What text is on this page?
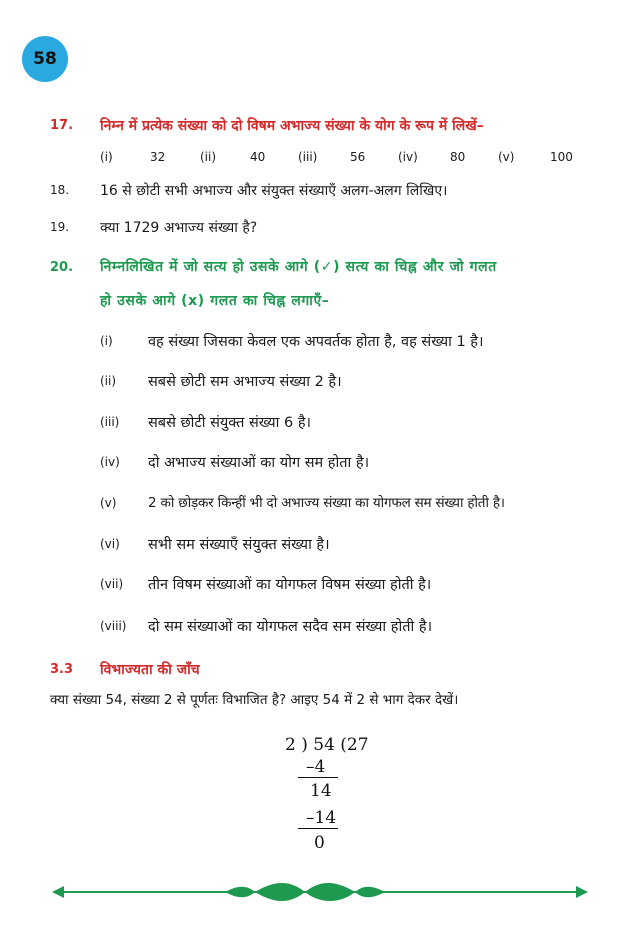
58
17. निम्न में प्रत्येक संख्या को दो विषम अभाज्य संख्या के योग के रूप में लिखें–
(i)	32	(ii)	40	(iii)	56	(iv)	80	(v)	100
18. 16 से छोटी सभी अभाज्य और संयुक्त संख्याएँ अलग-अलग लिखिए।
19. क्या 1729 अभाज्य संख्या है?
20. निम्नलिखित में जो सत्य हो उसके आगे (✓) सत्य का चिह्न और जो गलत
हो उसके आगे (x) गलत का चिह्न लगाएँ–
(i) वह संख्या जिसका केवल एक अपवर्तक होता है, वह संख्या 1 है।
(ii) सबसे छोटी सम अभाज्य संख्या 2 है।
(iii) सबसे छोटी संयुक्त संख्या 6 है।
(iv) दो अभाज्य संख्याओं का योग सम होता है।
(v) 2 को छोड़कर किन्हीं भी दो अभाज्य संख्या का योगफल सम संख्या होती है।
(vi) सभी सम संख्याएँ संयुक्त संख्या है।
(vii) तीन विषम संख्याओं का योगफल विषम संख्या होती है।
(viii) दो सम संख्याओं का योगफल सदैव सम संख्या होती है।
3.3 विभाज्यता की जाँच
क्या संख्या 54, संख्या 2 से पूर्णतः विभाजित है? आइए 54 में 2 से भाग देकर देखें।
2 ) 54 (27
–4
14
–14
0
